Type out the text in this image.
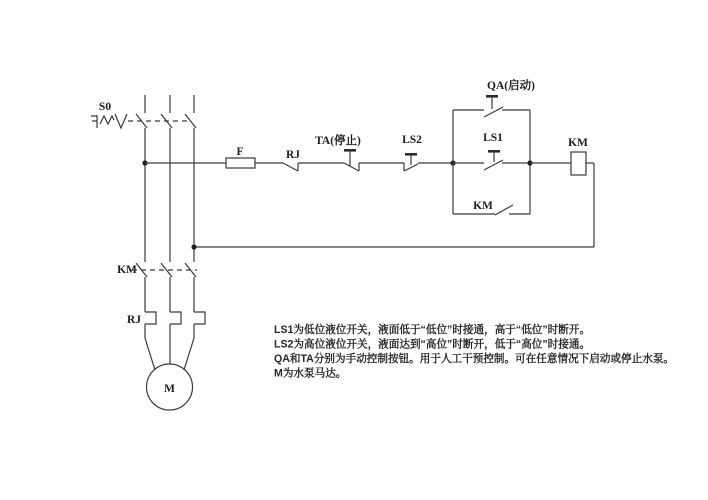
S0
KM
RJ
M
F	RJ
TA(停止)	LS2
QA(启动)
LS1
KM
KM
LS1为低位液位开关，液面低于“低位”时接通，高于“低位”时断开。
LS2为高位液位开关，液面达到“高位”时断开，低于“高位”时接通。
QA和TA分别为手动控制按钮。用于人工干预控制。可在任意情况下启动或停止水泵。
M为水泵马达。
